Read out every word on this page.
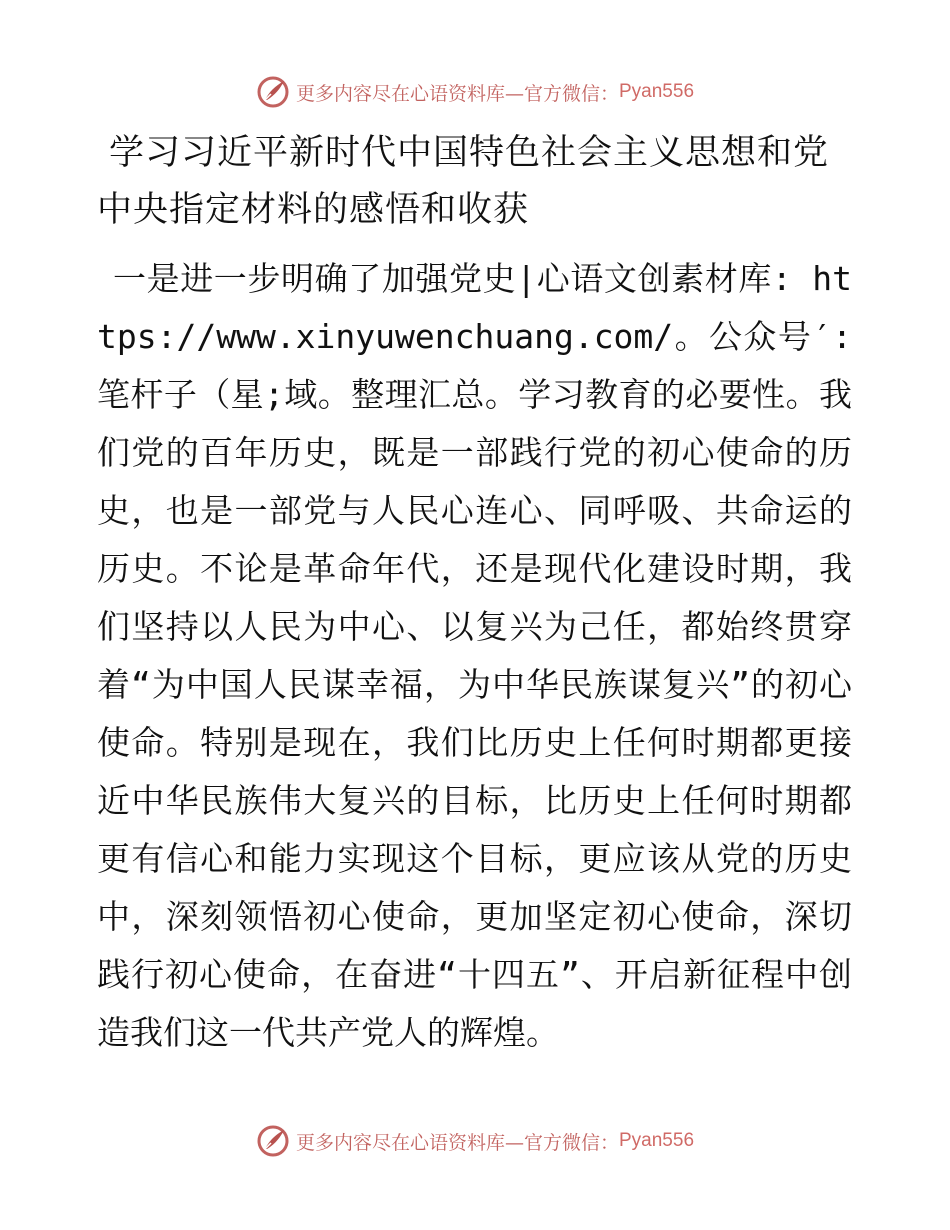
更多内容尽在心语资料库—官方微信： Pyan556
学习习近平新时代中国特色社会主义思想和党中央指定材料的感悟和收获

一是进一步明确了加强党史|心语文创素材库: https://www.xinyuwenchuang.com/。公众号′: 笔杆子（星;域。整理汇总。学习教育的必要性。我们党的百年历史，既是一部践行党的初心使命的历史，也是一部党与人民心连心、同呼吸、共命运的历史。不论是革命年代，还是现代化建设时期，我们坚持以人民为中心、以复兴为己任，都始终贯穿着“为中国人民谋幸福，为中华民族谋复兴”的初心使命。特别是现在，我们比历史上任何时期都更接近中华民族伟大复兴的目标，比历史上任何时期都更有信心和能力实现这个目标，更应该从党的历史中，深刻领悟初心使命，更加坚定初心使命，深切践行初心使命，在奋进“十四五”、开启新征程中创造我们这一代共产党人的辉煌。

更多内容尽在心语资料库—官方微信： Pyan556
